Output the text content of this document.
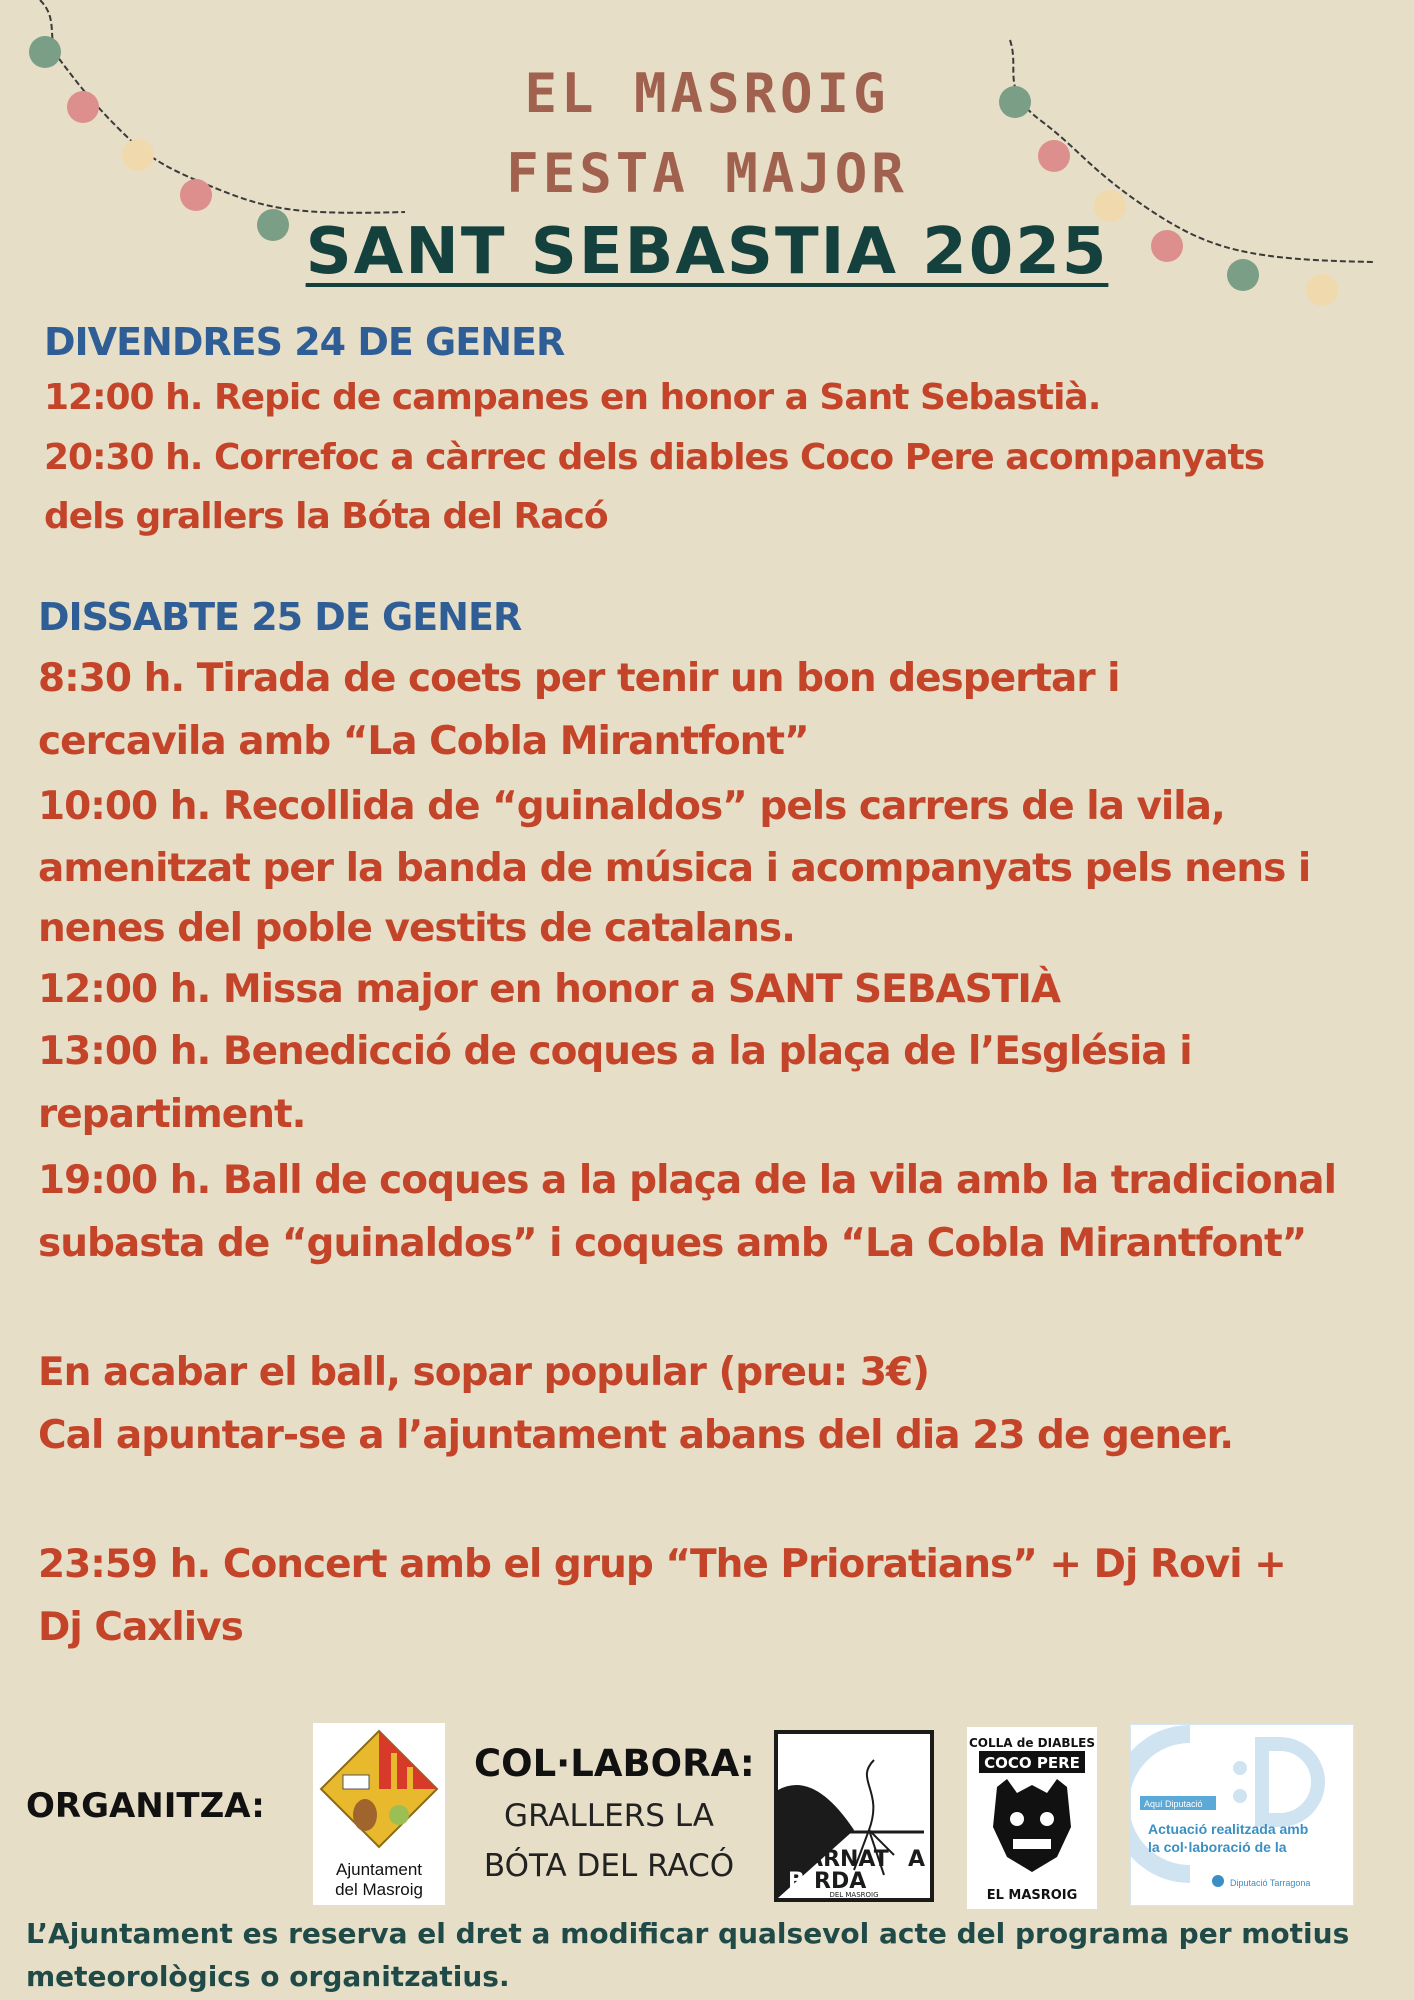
EL MASROIG
FESTA MAJOR
SANT SEBASTIA 2025
DIVENDRES 24 DE GENER
12:00 h. Repic de campanes en honor a Sant Sebastià.
20:30 h. Correfoc a càrrec dels diables Coco Pere acompanyats
dels grallers la Bóta del Racó
DISSABTE 25 DE GENER
8:30 h. Tirada de coets per tenir un bon despertar i
cercavila amb “La Cobla Mirantfont”
10:00 h. Recollida de “guinaldos” pels carrers de la vila,
amenitzat per la banda de música i acompanyats pels nens i
nenes del poble vestits de catalans.
12:00 h. Missa major en honor a SANT SEBASTIÀ
13:00 h. Benedicció de coques a la plaça de l’Església i
repartiment.
19:00 h. Ball de coques a la plaça de la vila amb la tradicional
subasta de “guinaldos” i coques amb “La Cobla Mirantfont”
En acabar el ball, sopar popular (preu: 3€)
Cal apuntar-se a l’ajuntament abans del dia 23 de gener.
23:59 h. Concert amb el grup “The Prioratians” + Dj Rovi +
Dj Caxlivs
ORGANITZA:
Ajuntament
del Masroig
COL·LABORA:
GRALLERS LA
BÓTA DEL RACÓ	GARNAT A
B RDA
DEL MASROIG
COLLA de DIABLES
COCO PERE
EL MASROIG
Aquí Diputació
Actuació realitzada amb
la col·laboració de la
Diputació Tarragona
L’Ajuntament es reserva el dret a modificar qualsevol acte del programa per motius
meteorològics o organitzatius.
